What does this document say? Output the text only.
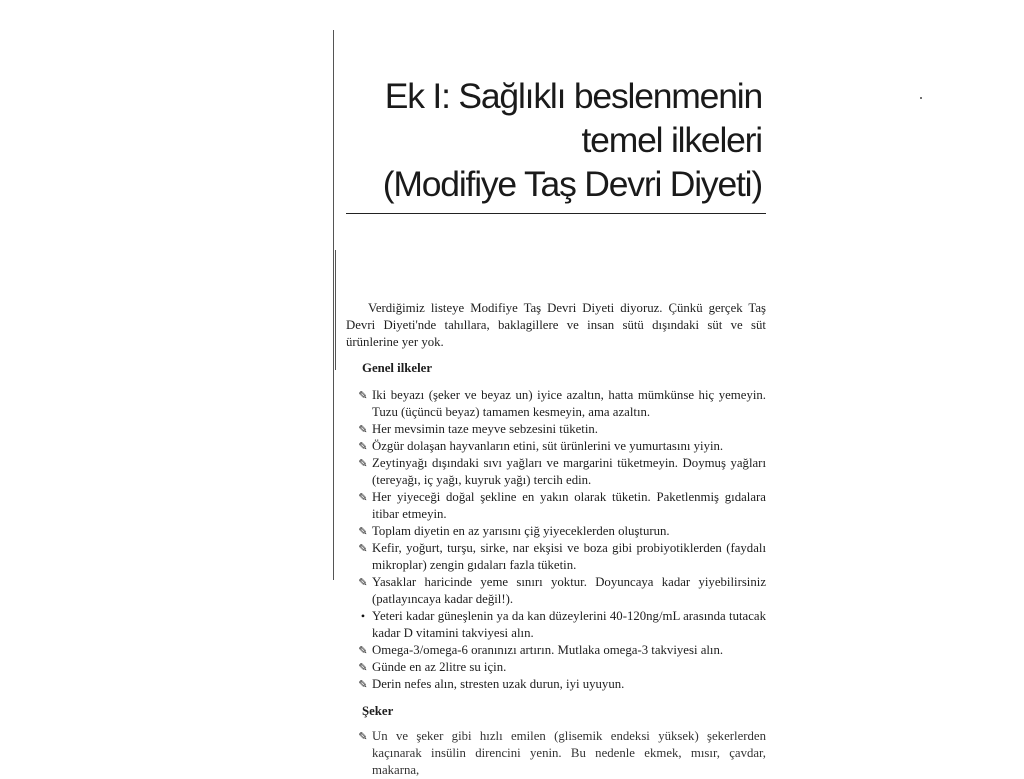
Ek I: Sağlıklı beslenmenin
temel ilkeleri
(Modifiye Taş Devri Diyeti)

Verdiğimiz listeye Modifiye Taş Devri Diyeti diyoruz. Çünkü gerçek Taş Devri Diyeti'nde tahıllara, baklagillere ve insan sütü dışındaki süt ve süt ürünlerine yer yok.

Genel ilkeler
✎ Iki beyazı (şeker ve beyaz un) iyice azaltın, hatta mümkünse hiç yemeyin. Tuzu (üçüncü beyaz) tamamen kesmeyin, ama azaltın.
✎ Her mevsimin taze meyve sebzesini tüketin.
✎ Özgür dolaşan hayvanların etini, süt ürünlerini ve yumurtasını yiyin.
✎ Zeytinyağı dışındaki sıvı yağları ve margarini tüketmeyin. Doymuş yağları (tereyağı, iç yağı, kuyruk yağı) tercih edin.
✎ Her yiyeceği doğal şekline en yakın olarak tüketin. Paketlenmiş gıdalara itibar etmeyin.
✎ Toplam diyetin en az yarısını çiğ yiyeceklerden oluşturun.
✎ Kefir, yoğurt, turşu, sirke, nar ekşisi ve boza gibi probiyotiklerden (faydalı mikroplar) zengin gıdaları fazla tüketin.
✎ Yasaklar haricinde yeme sınırı yoktur. Doyuncaya kadar yiyebilirsiniz (patlayıncaya kadar değil!).
• Yeteri kadar güneşlenin ya da kan düzeylerini 40-120ng/mL arasında tutacak kadar D vitamini takviyesi alın.
✎ Omega-3/omega-6 oranınızı artırın. Mutlaka omega-3 takviyesi alın.
✎ Günde en az 2litre su için.
✎ Derin nefes alın, stresten uzak durun, iyi uyuyun.
Şeker
✎ Un ve şeker gibi hızlı emilen (glisemik endeksi yüksek) şekerlerden kaçınarak insülin direncini yenin. Bu nedenle ekmek, mısır, çavdar, makarna,
